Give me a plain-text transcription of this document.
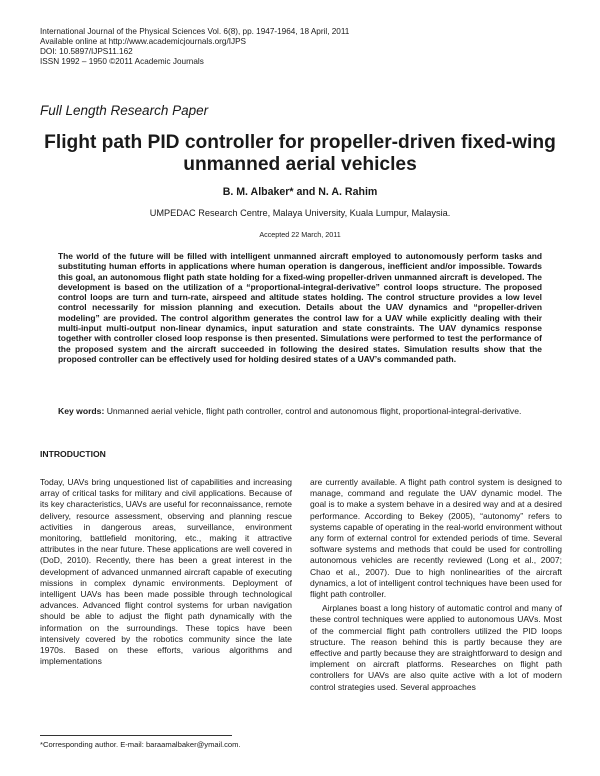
International Journal of the Physical Sciences Vol. 6(8), pp. 1947-1964, 18 April, 2011
Available online at http://www.academicjournals.org/IJPS
DOI: 10.5897/IJPS11.162
ISSN 1992 – 1950 ©2011 Academic Journals
Full Length Research Paper
Flight path PID controller for propeller-driven fixed-wing unmanned aerial vehicles
B. M. Albaker* and N. A. Rahim
UMPEDAC Research Centre, Malaya University, Kuala Lumpur, Malaysia.
Accepted 22 March, 2011
The world of the future will be filled with intelligent unmanned aircraft employed to autonomously perform tasks and substituting human efforts in applications where human operation is dangerous, inefficient and/or impossible. Towards this goal, an autonomous flight path state holding for a fixed-wing propeller-driven unmanned aircraft is developed. The development is based on the utilization of a “proportional-integral-derivative” control loops structure. The proposed control loops are turn and turn-rate, airspeed and altitude states holding. The control structure provides a low level control necessarily for mission planning and execution. Details about the UAV dynamics and “propeller-driven modeling” are provided. The control algorithm generates the control law for a UAV while explicitly dealing with their multi-input multi-output non-linear dynamics, input saturation and state constraints. The UAV dynamics response together with controller closed loop response is then presented. Simulations were performed to test the performance of the proposed system and the aircraft succeeded in following the desired states. Simulation results show that the proposed controller can be effectively used for holding desired states of a UAV’s commanded path.
Key words: Unmanned aerial vehicle, flight path controller, control and autonomous flight, proportional-integral-derivative.
INTRODUCTION

Today, UAVs bring unquestioned list of capabilities and increasing array of critical tasks for military and civil applications. Because of its key characteristics, UAVs are useful for reconnaissance, remote delivery, resource assessment, observing and planning rescue activities in dangerous areas, surveillance, environment monitoring, battlefield monitoring, etc., making it attractive attributes in the near future. These applications are well covered in (DoD, 2010). Recently, there has been a great interest in the development of advanced unmanned aircraft capable of executing missions in complex dynamic environments. Deployment of intelligent UAVs has been made possible through technological advances. Advanced flight control systems for urban navigation should be able to adjust the flight path dynamically with the information on the surroundings. These topics have been intensively covered by the robotics community since the late 1970s. Based on these efforts, various algorithms and implementations

are currently available. A flight path control system is designed to manage, command and regulate the UAV dynamic model. The goal is to make a system behave in a desired way and at a desired performance. According to Bekey (2005), “autonomy” refers to systems capable of operating in the real-world environment without any form of external control for extended periods of time. Several software systems and methods that could be used for controlling autonomous vehicles are recently reviewed (Long et al., 2007; Chao et al., 2007). Due to high nonlinearities of the aircraft dynamics, a lot of intelligent control techniques have been used for flight path controller.

Airplanes boast a long history of automatic control and many of these control techniques were applied to autonomous UAVs. Most of the commercial flight path controllers utilized the PID loops structure. The reason behind this is partly because they are effective and partly because they are straightforward to design and implement on aircraft platforms. Researches on flight path controllers for UAVs are also quite active with a lot of modern control strategies used. Several approaches

*Corresponding author. E-mail: baraamalbaker@ymail.com.
